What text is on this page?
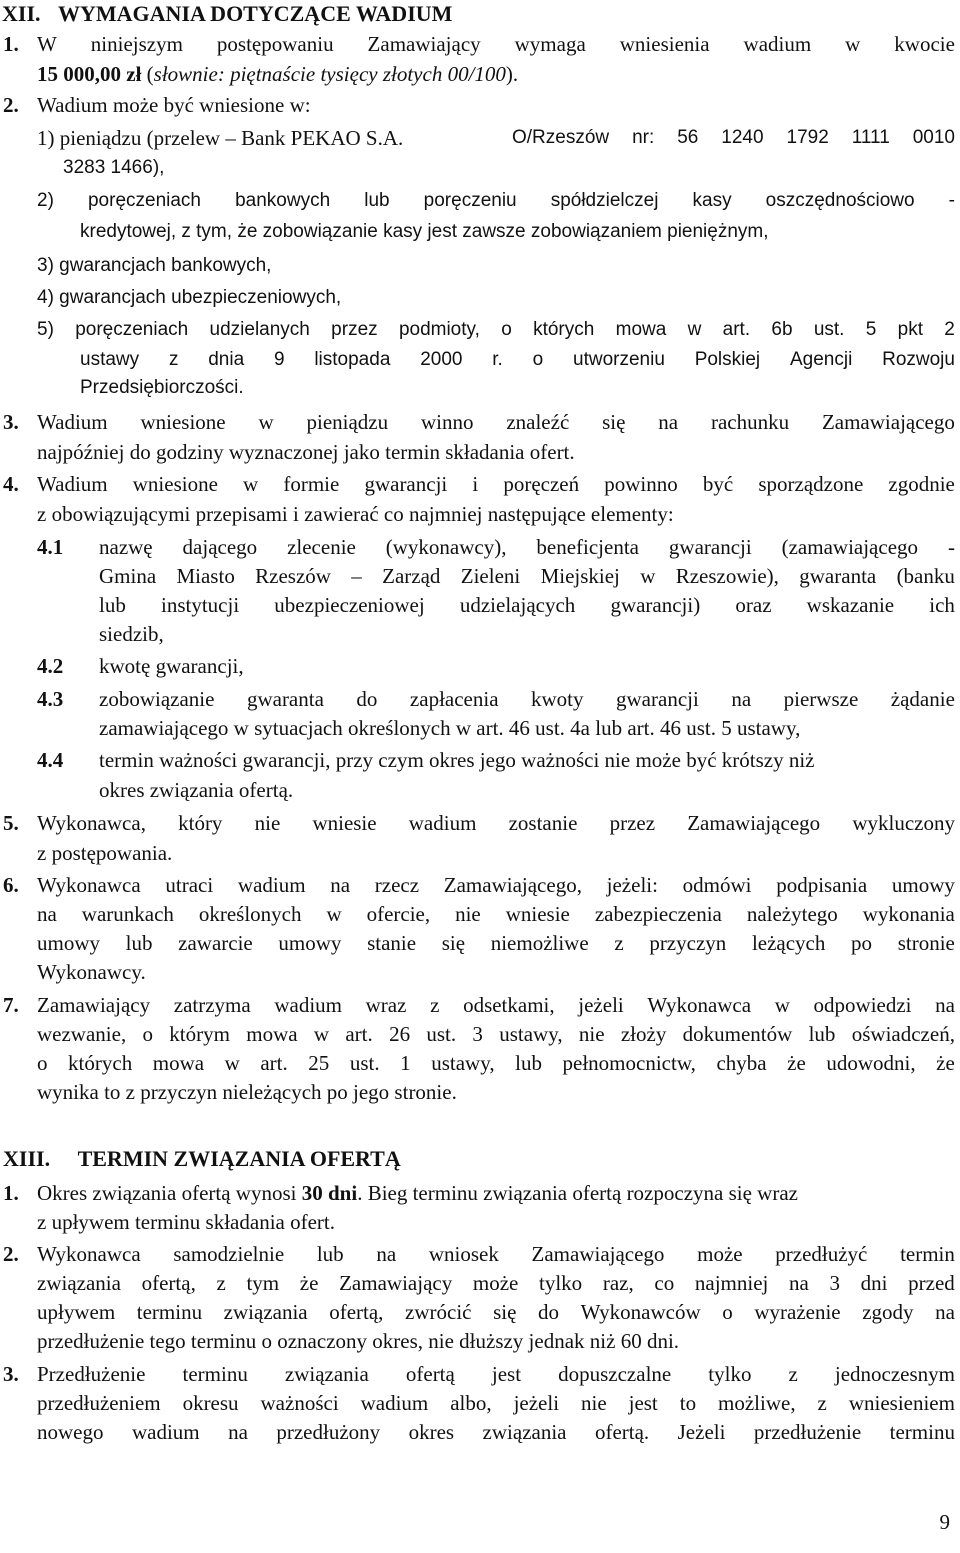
XII. WYMAGANIA DOTYCZĄCE WADIUM
1. W niniejszym postępowaniu Zamawiający wymaga wniesienia wadium w kwocie
15 000,00 zł (słownie: piętnaście tysięcy złotych 00/100).
2. Wadium może być wniesione w:
1) pieniądzu (przelew – Bank PEKAO S.A.	O/Rzeszów nr: 56 1240 1792 1111 0010
3283 1466),
2) poręczeniach bankowych lub poręczeniu spółdzielczej kasy oszczędnościowo -
kredytowej, z tym, że zobowiązanie kasy jest zawsze zobowiązaniem pieniężnym,
3) gwarancjach bankowych,
4) gwarancjach ubezpieczeniowych,
5) poręczeniach udzielanych przez podmioty, o których mowa w art. 6b ust. 5 pkt 2
ustawy z dnia 9 listopada 2000 r. o utworzeniu Polskiej Agencji Rozwoju
Przedsiębiorczości.
3. Wadium wniesione w pieniądzu winno znaleźć się na rachunku Zamawiającego
najpóźniej do godziny wyznaczonej jako termin składania ofert.
4. Wadium wniesione w formie gwarancji i poręczeń powinno być sporządzone zgodnie
z obowiązującymi przepisami i zawierać co najmniej następujące elementy:
4.1 nazwę dającego zlecenie (wykonawcy), beneficjenta gwarancji (zamawiającego -
Gmina Miasto Rzeszów – Zarząd Zieleni Miejskiej w Rzeszowie), gwaranta (banku
lub instytucji ubezpieczeniowej udzielających gwarancji) oraz wskazanie ich
siedzib,
4.2 kwotę gwarancji,
4.3 zobowiązanie gwaranta do zapłacenia kwoty gwarancji na pierwsze żądanie
zamawiającego w sytuacjach określonych w art. 46 ust. 4a lub art. 46 ust. 5 ustawy,
4.4 termin ważności gwarancji, przy czym okres jego ważności nie może być krótszy niż
okres związania ofertą.
5. Wykonawca, który nie wniesie wadium zostanie przez Zamawiającego wykluczony
z postępowania.
6. Wykonawca utraci wadium na rzecz Zamawiającego, jeżeli: odmówi podpisania umowy
na warunkach określonych w ofercie, nie wniesie zabezpieczenia należytego wykonania
umowy lub zawarcie umowy stanie się niemożliwe z przyczyn leżących po stronie
Wykonawcy.
7. Zamawiający zatrzyma wadium wraz z odsetkami, jeżeli Wykonawca w odpowiedzi na
wezwanie, o którym mowa w art. 26 ust. 3 ustawy, nie złoży dokumentów lub oświadczeń,
o których mowa w art. 25 ust. 1 ustawy, lub pełnomocnictw, chyba że udowodni, że
wynika to z przyczyn nieleżących po jego stronie.
XIII. TERMIN ZWIĄZANIA OFERTĄ
1. Okres związania ofertą wynosi 30 dni. Bieg terminu związania ofertą rozpoczyna się wraz
z upływem terminu składania ofert.
2. Wykonawca samodzielnie lub na wniosek Zamawiającego może przedłużyć termin
związania ofertą, z tym że Zamawiający może tylko raz, co najmniej na 3 dni przed
upływem terminu związania ofertą, zwrócić się do Wykonawców o wyrażenie zgody na
przedłużenie tego terminu o oznaczony okres, nie dłuższy jednak niż 60 dni.
3. Przedłużenie terminu związania ofertą jest dopuszczalne tylko z jednoczesnym
przedłużeniem okresu ważności wadium albo, jeżeli nie jest to możliwe, z wniesieniem
nowego wadium na przedłużony okres związania ofertą. Jeżeli przedłużenie terminu
9
